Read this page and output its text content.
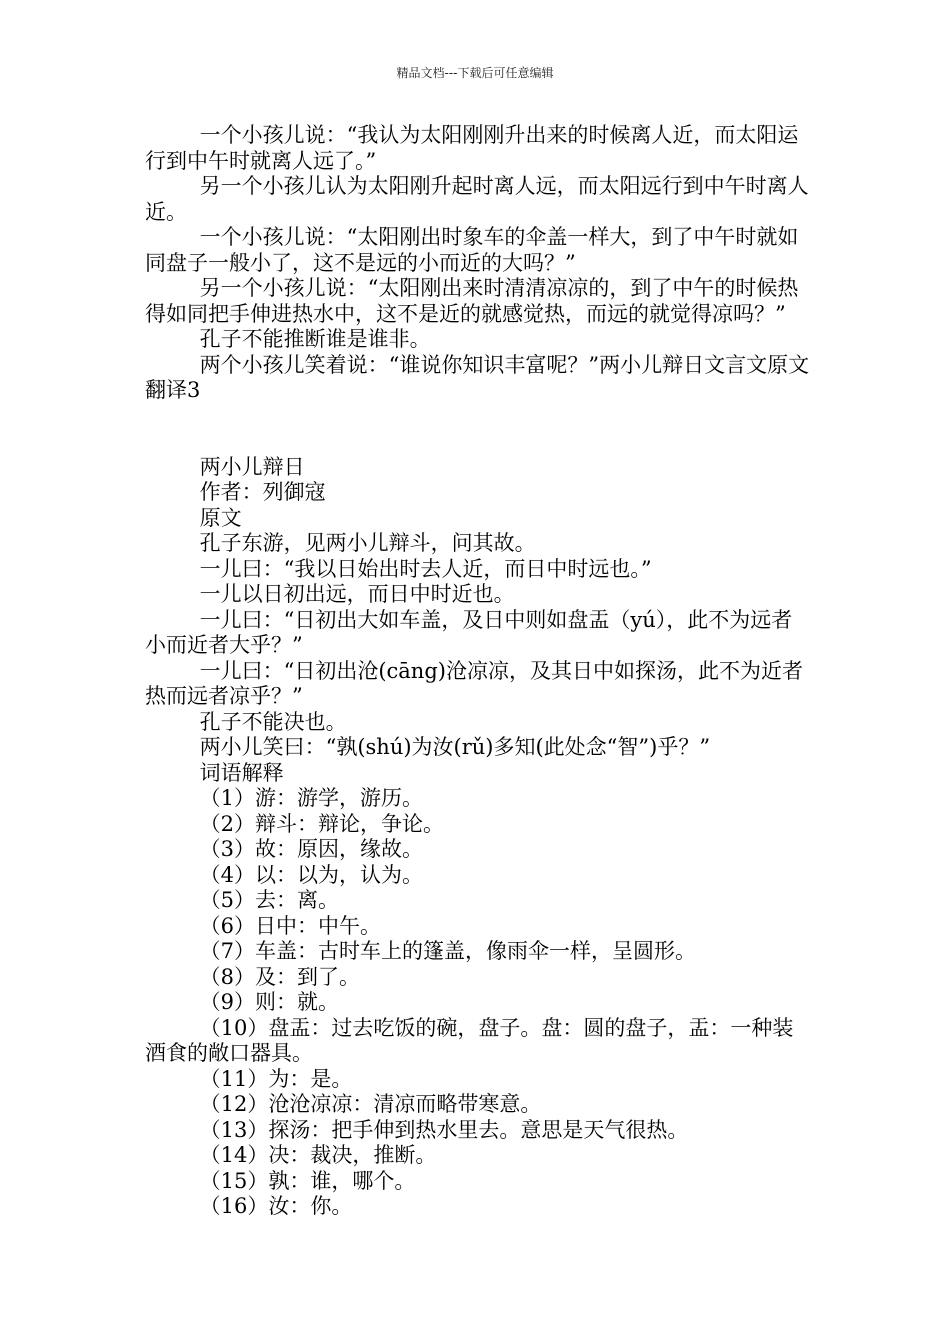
精品文档---下载后可任意编辑

一个小孩儿说：“我认为太阳刚刚升出来的时候离人近，而太阳运行到中午时就离人远了。”

另一个小孩儿认为太阳刚升起时离人远，而太阳远行到中午时离人近。

一个小孩儿说：“太阳刚出时象车的伞盖一样大，到了中午时就如同盘子一般小了，这不是远的小而近的大吗？”

另一个小孩儿说：“太阳刚出来时清清凉凉的，到了中午的时候热得如同把手伸进热水中，这不是近的就感觉热，而远的就觉得凉吗？”

孔子不能推断谁是谁非。

两个小孩儿笑着说：“谁说你知识丰富呢？”两小儿辩日文言文原文翻译3

两小儿辩日

作者：列御寇

原文

孔子东游，见两小儿辩斗，问其故。

一儿曰：“我以日始出时去人近，而日中时远也。”

一儿以日初出远，而日中时近也。

一儿曰：“日初出大如车盖，及日中则如盘盂（yú），此不为远者小而近者大乎？”

一儿曰：“日初出沧(cāng)沧凉凉，及其日中如探汤，此不为近者热而远者凉乎？”

孔子不能决也。

两小儿笑曰：“孰(shú)为汝(rǔ)多知(此处念“智”)乎？”

词语解释

（1）游：游学，游历。

（2）辩斗：辩论，争论。

（3）故：原因，缘故。

（4）以：以为，认为。

（5）去：离。

（6）日中：中午。

（7）车盖：古时车上的篷盖，像雨伞一样，呈圆形。

（8）及：到了。

（9）则：就。

（10）盘盂：过去吃饭的碗，盘子。盘：圆的盘子，盂：一种装酒食的敞口器具。

（11）为：是。

（12）沧沧凉凉：清凉而略带寒意。

（13）探汤：把手伸到热水里去。意思是天气很热。

（14）决：裁决，推断。

（15）孰：谁，哪个。

（16）汝：你。
